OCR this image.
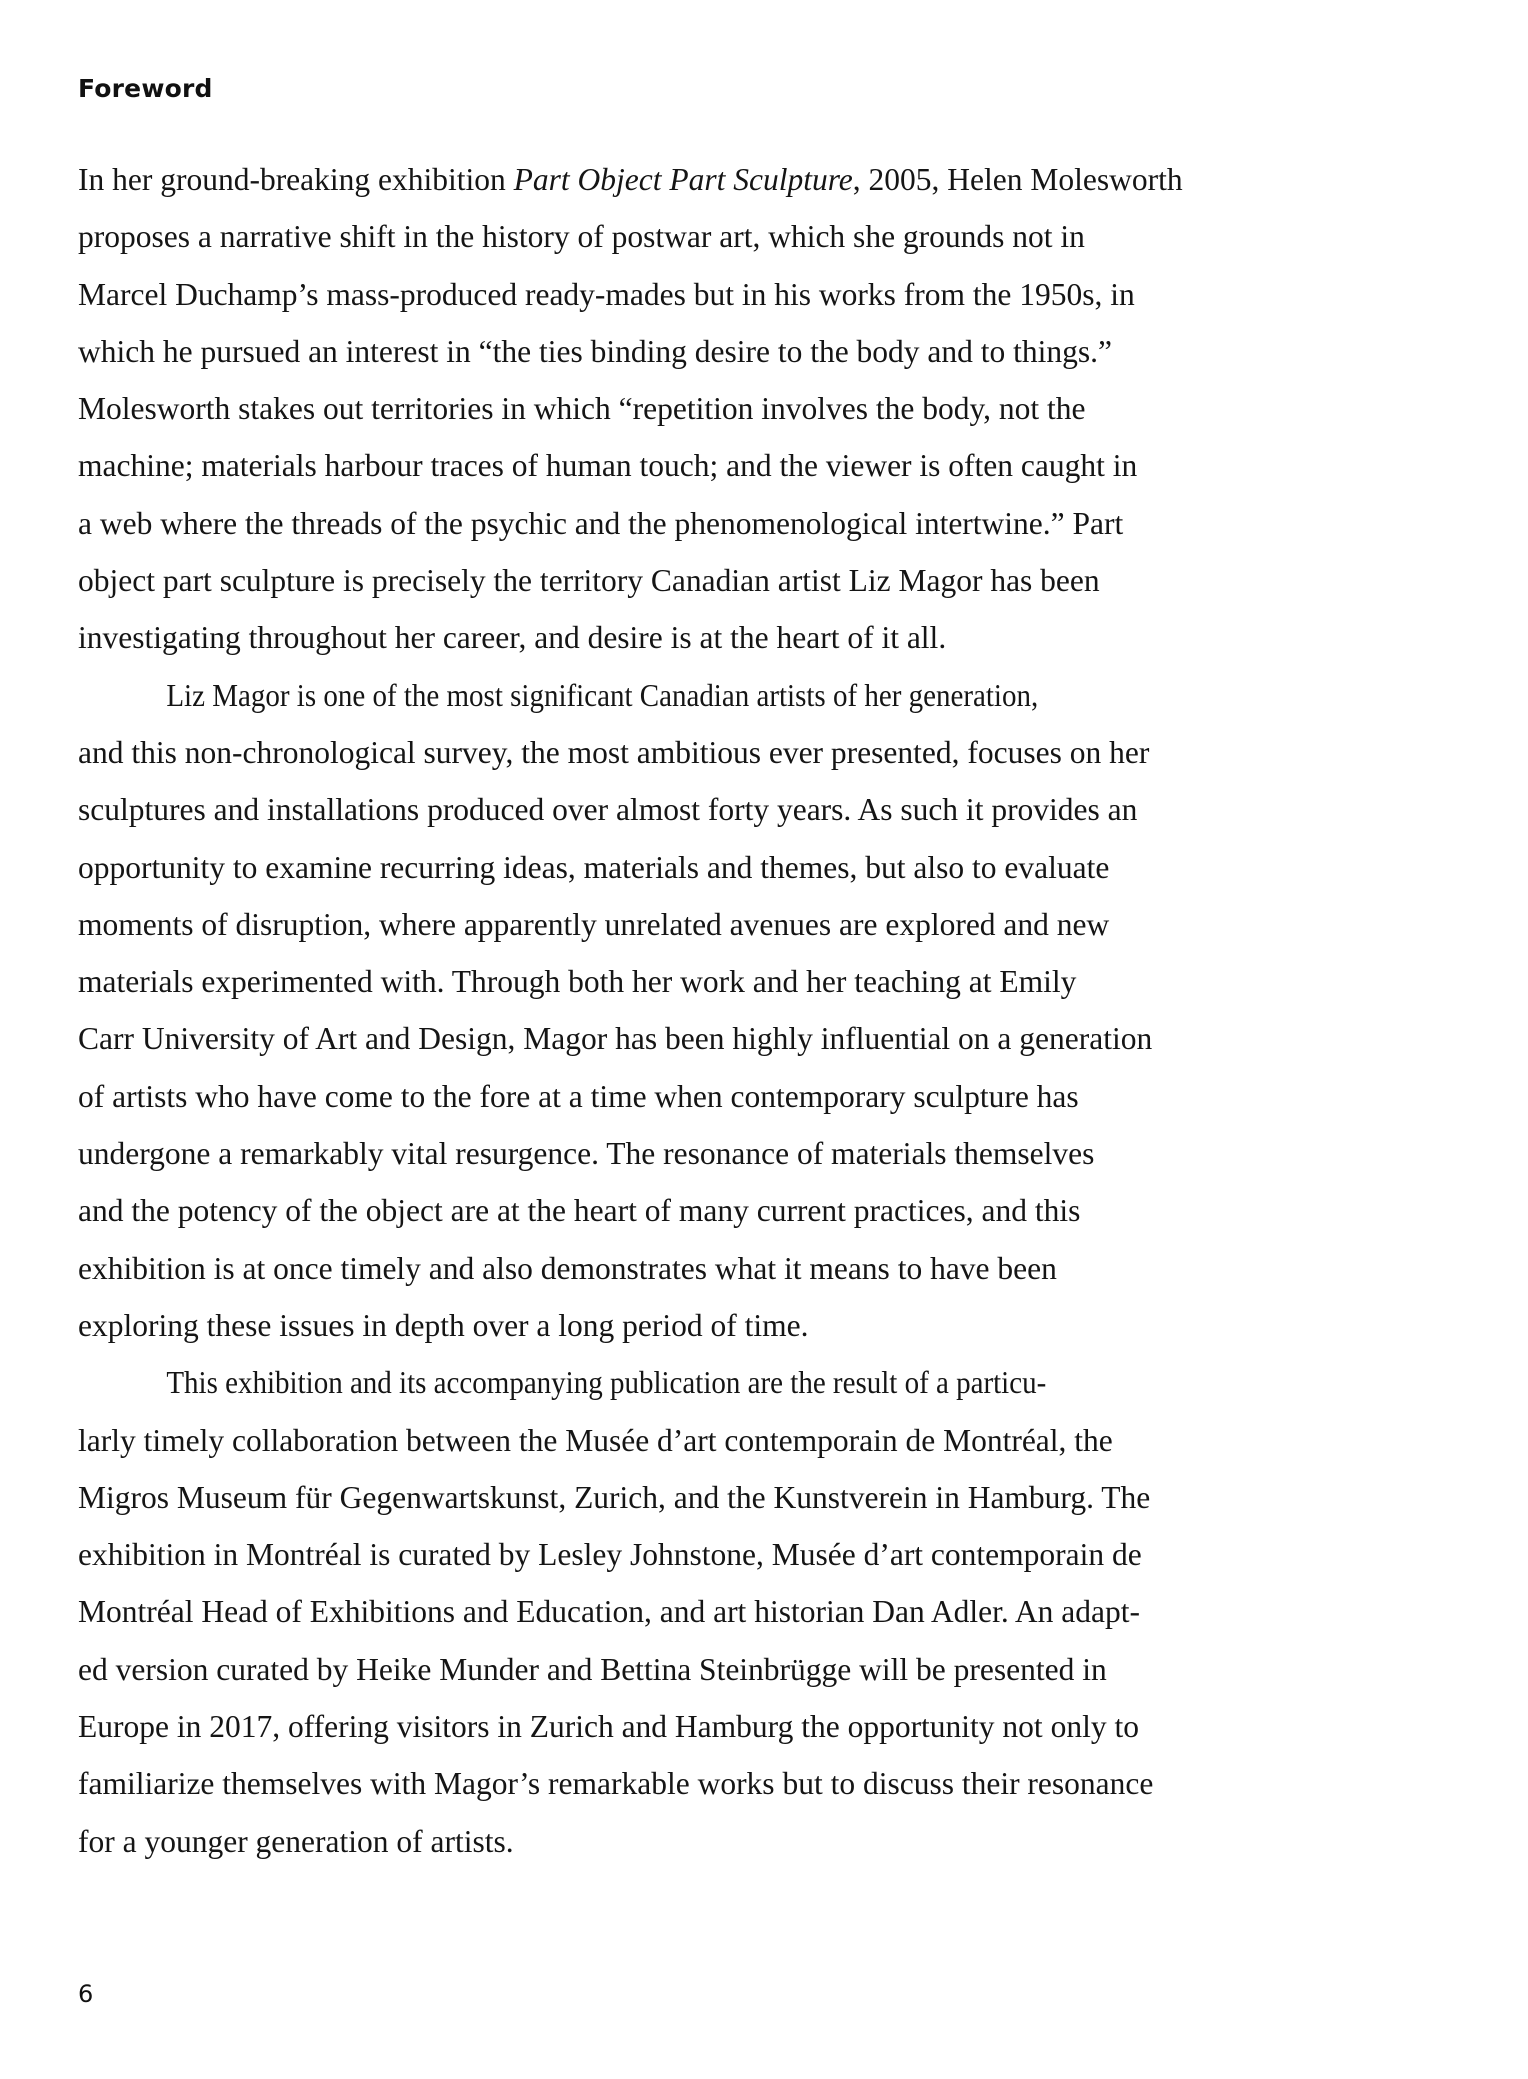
Foreword

In her ground-breaking exhibition Part Object Part Sculpture, 2005, Helen Molesworth
proposes a narrative shift in the history of postwar art, which she grounds not in
Marcel Duchamp’s mass-produced ready-mades but in his works from the 1950s, in
which he pursued an interest in “the ties binding desire to the body and to things.”
Molesworth stakes out territories in which “repetition involves the body, not the
machine; materials harbour traces of human touch; and the viewer is often caught in
a web where the threads of the psychic and the phenomenological intertwine.” Part
object part sculpture is precisely the territory Canadian artist Liz Magor has been
investigating throughout her career, and desire is at the heart of it all.

Liz Magor is one of the most significant Canadian artists of her generation,
and this non-chronological survey, the most ambitious ever presented, focuses on her
sculptures and installations produced over almost forty years. As such it provides an
opportunity to examine recurring ideas, materials and themes, but also to evaluate
moments of disruption, where apparently unrelated avenues are explored and new
materials experimented with. Through both her work and her teaching at Emily
Carr University of Art and Design, Magor has been highly influential on a generation
of artists who have come to the fore at a time when contemporary sculpture has
undergone a remarkably vital resurgence. The resonance of materials themselves
and the potency of the object are at the heart of many current practices, and this
exhibition is at once timely and also demonstrates what it means to have been
exploring these issues in depth over a long period of time.

This exhibition and its accompanying publication are the result of a particu-
larly timely collaboration between the Musée d’art contemporain de Montréal, the
Migros Museum für Gegenwartskunst, Zurich, and the Kunstverein in Hamburg. The
exhibition in Montréal is curated by Lesley Johnstone, Musée d’art contemporain de
Montréal Head of Exhibitions and Education, and art historian Dan Adler. An adapt-
ed version curated by Heike Munder and Bettina Steinbrügge will be presented in
Europe in 2017, offering visitors in Zurich and Hamburg the opportunity not only to
familiarize themselves with Magor’s remarkable works but to discuss their resonance
for a younger generation of artists.

6
